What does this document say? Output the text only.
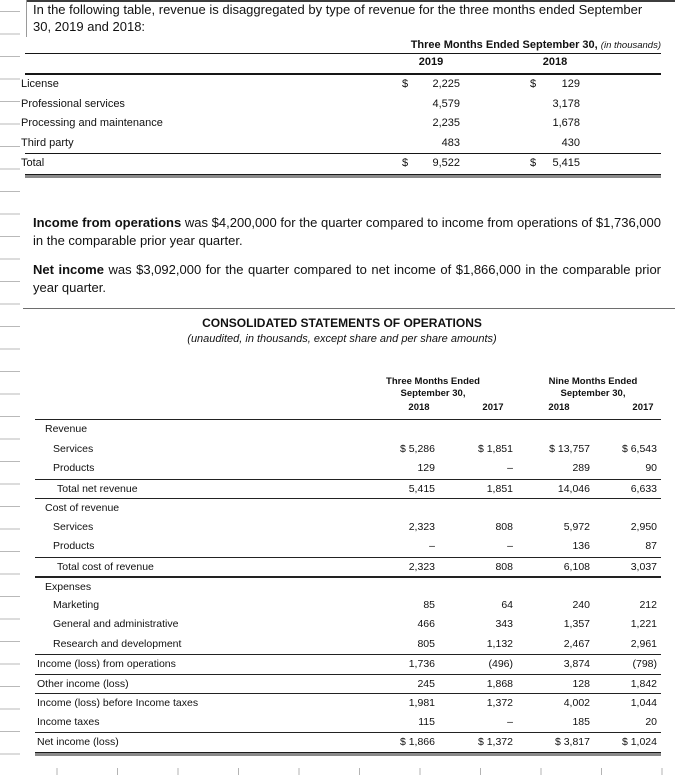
In the following table, revenue is disaggregated by type of revenue for the three months ended September 30, 2019 and 2018:

Three Months Ended September 30, (in thousands)
2019	2018
License	$ 2,225	$ 129
Professional services	4,579	3,178
Processing and maintenance	2,235	1,678
Third party	483	430
Total	$ 9,522	$ 5,415

Income from operations was $4,200,000 for the quarter compared to income from operations of $1,736,000 in the comparable prior year quarter.

Net income was $3,092,000 for the quarter compared to net income of $1,866,000 in the comparable prior year quarter.

CONSOLIDATED STATEMENTS OF OPERATIONS
(unaudited, in thousands, except share and per share amounts)
Three Months Ended
September 30,
Nine Months Ended
September 30,
2018	2017	2018	2017
Revenue
Services	$ 5,286	$ 1,851	$ 13,757	$ 6,543
Products	129	–	289	90
Total net revenue	5,415	1,851	14,046	6,633
Cost of revenue
Services	2,323	808	5,972	2,950
Products	–	–	136	87
Total cost of revenue	2,323	808	6,108	3,037
Expenses
Marketing	85	64	240	212
General and administrative	466	343	1,357	1,221
Research and development	805	1,132	2,467	2,961
Income (loss) from operations	1,736	(496)	3,874	(798)
Other income (loss)	245	1,868	128	1,842
Income (loss) before Income taxes	1,981	1,372	4,002	1,044
Income taxes	115	–	185	20
Net income (loss)	$ 1,866	$ 1,372	$ 3,817	$ 1,024
